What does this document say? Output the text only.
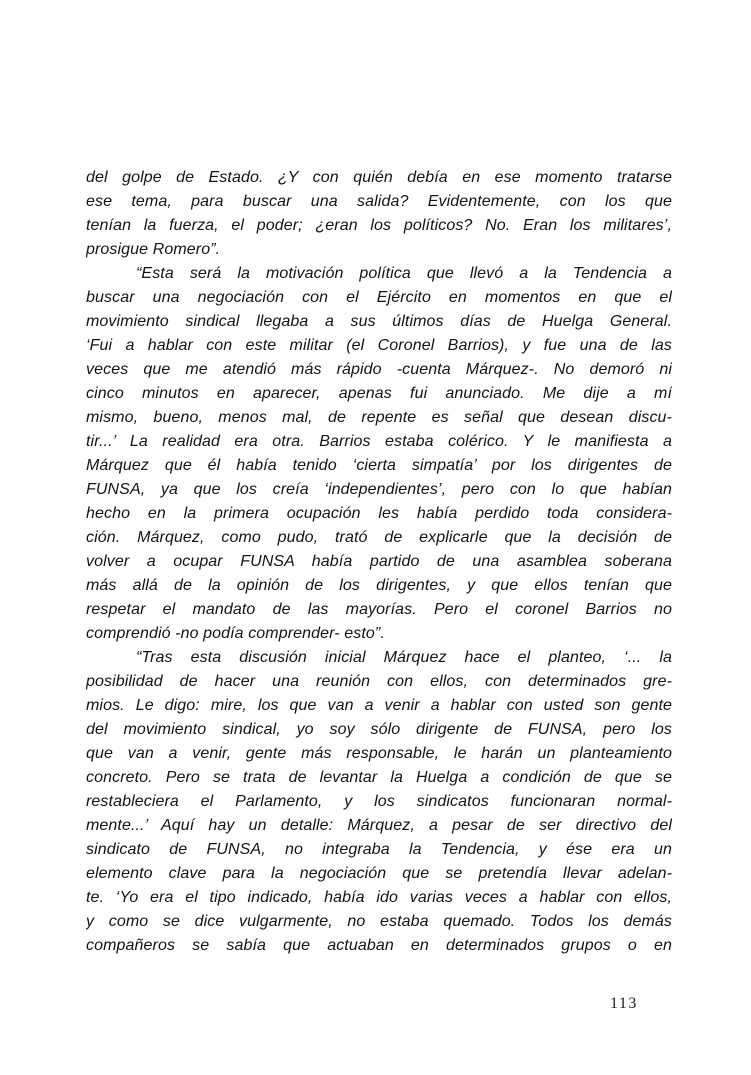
del golpe de Estado. ¿Y con quién debía en ese momento tratarse
ese tema, para buscar una salida? Evidentemente, con los que
tenían la fuerza, el poder; ¿eran los políticos? No. Eran los militares’,
prosigue Romero”.
“Esta será la motivación política que llevó a la Tendencia a
buscar una negociación con el Ejército en momentos en que el
movimiento sindical llegaba a sus últimos días de Huelga General.
‘Fui a hablar con este militar (el Coronel Barrios), y fue una de las
veces que me atendió más rápido -cuenta Márquez-. No demoró ni
cinco minutos en aparecer, apenas fui anunciado. Me dije a mí
mismo, bueno, menos mal, de repente es señal que desean discu-
tir...’ La realidad era otra. Barrios estaba colérico. Y le manifiesta a
Márquez que él había tenido ‘cierta simpatía’ por los dirigentes de
FUNSA, ya que los creía ‘independientes’, pero con lo que habían
hecho en la primera ocupación les había perdido toda considera-
ción. Márquez, como pudo, trató de explicarle que la decisión de
volver a ocupar FUNSA había partido de una asamblea soberana
más allá de la opinión de los dirigentes, y que ellos tenían que
respetar el mandato de las mayorías. Pero el coronel Barrios no
comprendió -no podía comprender- esto”.
“Tras esta discusión inicial Márquez hace el planteo, ‘... la
posibilidad de hacer una reunión con ellos, con determinados gre-
mios. Le digo: mire, los que van a venir a hablar con usted son gente
del movimiento sindical, yo soy sólo dirigente de FUNSA, pero los
que van a venir, gente más responsable, le harán un planteamiento
concreto. Pero se trata de levantar la Huelga a condición de que se
restableciera el Parlamento, y los sindicatos funcionaran normal-
mente...’ Aquí hay un detalle: Márquez, a pesar de ser directivo del
sindicato de FUNSA, no integraba la Tendencia, y ése era un
elemento clave para la negociación que se pretendía llevar adelan-
te. ‘Yo era el tipo indicado, había ido varias veces a hablar con ellos,
y como se dice vulgarmente, no estaba quemado. Todos los demás
compañeros se sabía que actuaban en determinados grupos o en
113
